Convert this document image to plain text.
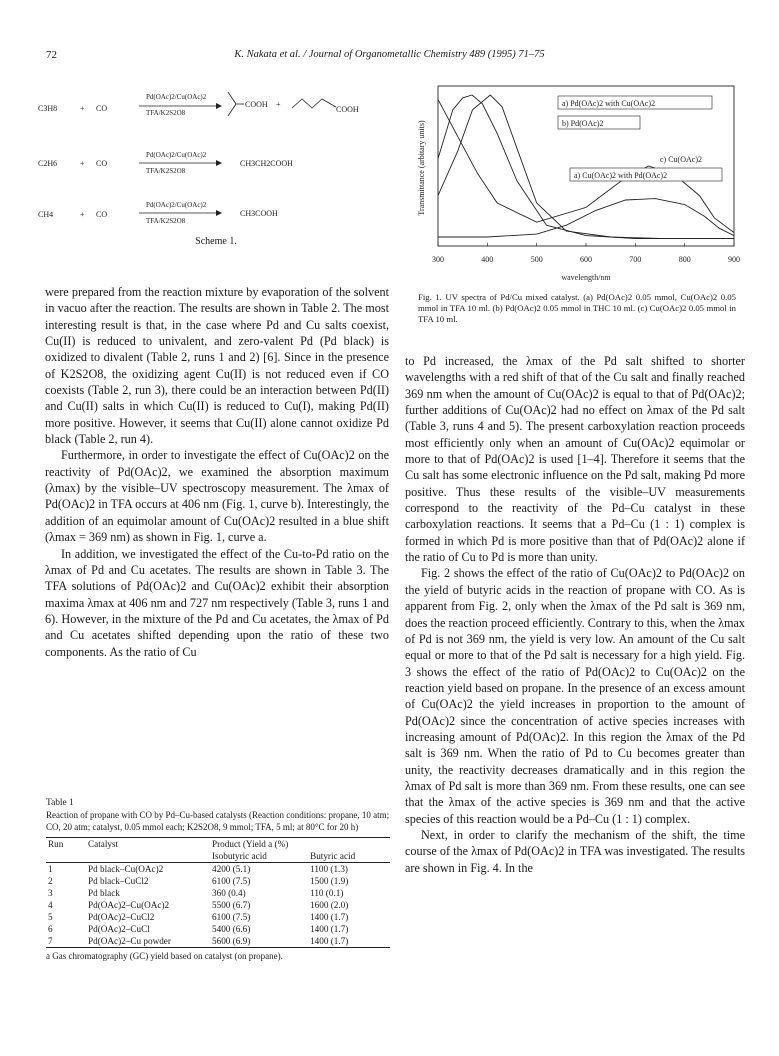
72	K. Nakata et al. / Journal of Organometallic Chemistry 489 (1995) 71–75
C3H8	+ CO
Pd(OAc)2/Cu(OAc)2
TFA/K2S2O8
COOH +
COOH
C2H6	+ CO
Pd(OAc)2/Cu(OAc)2
TFA/K2S2O8
CH3CH2COOH
CH4	+ CO
Pd(OAc)2/Cu(OAc)2
TFA/K2S2O8
CH3COOH
Scheme 1.
300	400	500	600	700	800	900
Transmittance (arbitary units)
wavelength/nm
a) Pd(OAc)2 with Cu(OAc)2
b) Pd(OAc)2
c) Cu(OAc)2
a) Cu(OAc)2 with Pd(OAc)2
Fig. 1. UV spectra of Pd/Cu mixed catalyst. (a) Pd(OAc)2 0.05 mmol, Cu(OAc)2 0.05 mmol in TFA 10 ml. (b) Pd(OAc)2 0.05 mmol in THC 10 ml. (c) Cu(OAc)2 0.05 mmol in TFA 10 ml.

were prepared from the reaction mixture by evaporation of the solvent in vacuo after the reaction. The results are shown in Table 2. The most interesting result is that, in the case where Pd and Cu salts coexist, Cu(II) is reduced to univalent, and zero-valent Pd (Pd black) is oxidized to divalent (Table 2, runs 1 and 2) [6]. Since in the presence of K2S2O8, the oxidizing agent Cu(II) is not reduced even if CO coexists (Table 2, run 3), there could be an interaction between Pd(II) and Cu(II) salts in which Cu(II) is reduced to Cu(I), making Pd(II) more positive. However, it seems that Cu(II) alone cannot oxidize Pd black (Table 2, run 4).

Furthermore, in order to investigate the effect of Cu(OAc)2 on the reactivity of Pd(OAc)2, we examined the absorption maximum (λmax) by the visible–UV spectroscopy measurement. The λmax of Pd(OAc)2 in TFA occurs at 406 nm (Fig. 1, curve b). Interestingly, the addition of an equimolar amount of Cu(OAc)2 resulted in a blue shift (λmax = 369 nm) as shown in Fig. 1, curve a.

In addition, we investigated the effect of the Cu-to-Pd ratio on the λmax of Pd and Cu acetates. The results are shown in Table 3. The TFA solutions of Pd(OAc)2 and Cu(OAc)2 exhibit their absorption maxima λmax at 406 nm and 727 nm respectively (Table 3, runs 1 and 6). However, in the mixture of the Pd and Cu acetates, the λmax of Pd and Cu acetates shifted depending upon the ratio of these two components. As the ratio of Cu

to Pd increased, the λmax of the Pd salt shifted to shorter wavelengths with a red shift of that of the Cu salt and finally reached 369 nm when the amount of Cu(OAc)2 is equal to that of Pd(OAc)2; further additions of Cu(OAc)2 had no effect on λmax of the Pd salt (Table 3, runs 4 and 5). The present carboxylation reaction proceeds most efficiently only when an amount of Cu(OAc)2 equimolar or more to that of Pd(OAc)2 is used [1–4]. Therefore it seems that the Cu salt has some electronic influence on the Pd salt, making Pd more positive. Thus these results of the visible–UV measurements correspond to the reactivity of the Pd–Cu catalyst in these carboxylation reactions. It seems that a Pd–Cu (1 : 1) complex is formed in which Pd is more positive than that of Pd(OAc)2 alone if the ratio of Cu to Pd is more than unity.

Fig. 2 shows the effect of the ratio of Cu(OAc)2 to Pd(OAc)2 on the yield of butyric acids in the reaction of propane with CO. As is apparent from Fig. 2, only when the λmax of the Pd salt is 369 nm, does the reaction proceed efficiently. Contrary to this, when the λmax of Pd is not 369 nm, the yield is very low. An amount of the Cu salt equal or more to that of the Pd salt is necessary for a high yield. Fig. 3 shows the effect of the ratio of Pd(OAc)2 to Cu(OAc)2 on the reaction yield based on propane. In the presence of an excess amount of Cu(OAc)2 the yield increases in proportion to the amount of Pd(OAc)2 since the concentration of active species increases with increasing amount of Pd(OAc)2. In this region the λmax of the Pd salt is 369 nm. When the ratio of Pd to Cu becomes greater than unity, the reactivity decreases dramatically and in this region the λmax of Pd salt is more than 369 nm. From these results, one can see that the λmax of the active species is 369 nm and that the active species of this reaction would be a Pd–Cu (1 : 1) complex.

Next, in order to clarify the mechanism of the shift, the time course of the λmax of Pd(OAc)2 in TFA was investigated. The results are shown in Fig. 4. In the

Table 1
Reaction of propane with CO by Pd–Cu-based catalysts (Reaction conditions: propane, 10 atm; CO, 20 atm; catalyst, 0.05 mmol each; K2S2O8, 9 mmol; TFA, 5 ml; at 80°C for 20 h)
Run	Catalyst	Product (Yield a (%)	
		Isobutyric acid	Butyric acid
1	Pd black–Cu(OAc)2	4200 (5.1)	1100 (1.3)
2	Pd black–CuCl2	6100 (7.5)	1500 (1.9)
3	Pd black	360 (0.4)	110 (0.1)
4	Pd(OAc)2–Cu(OAc)2	5500 (6.7)	1600 (2.0)
5	Pd(OAc)2–CuCl2	6100 (7.5)	1400 (1.7)
6	Pd(OAc)2–CuCl	5400 (6.6)	1400 (1.7)
7	Pd(OAc)2–Cu powder	5600 (6.9)	1400 (1.7)
a Gas chromatography (GC) yield based on catalyst (on propane).
